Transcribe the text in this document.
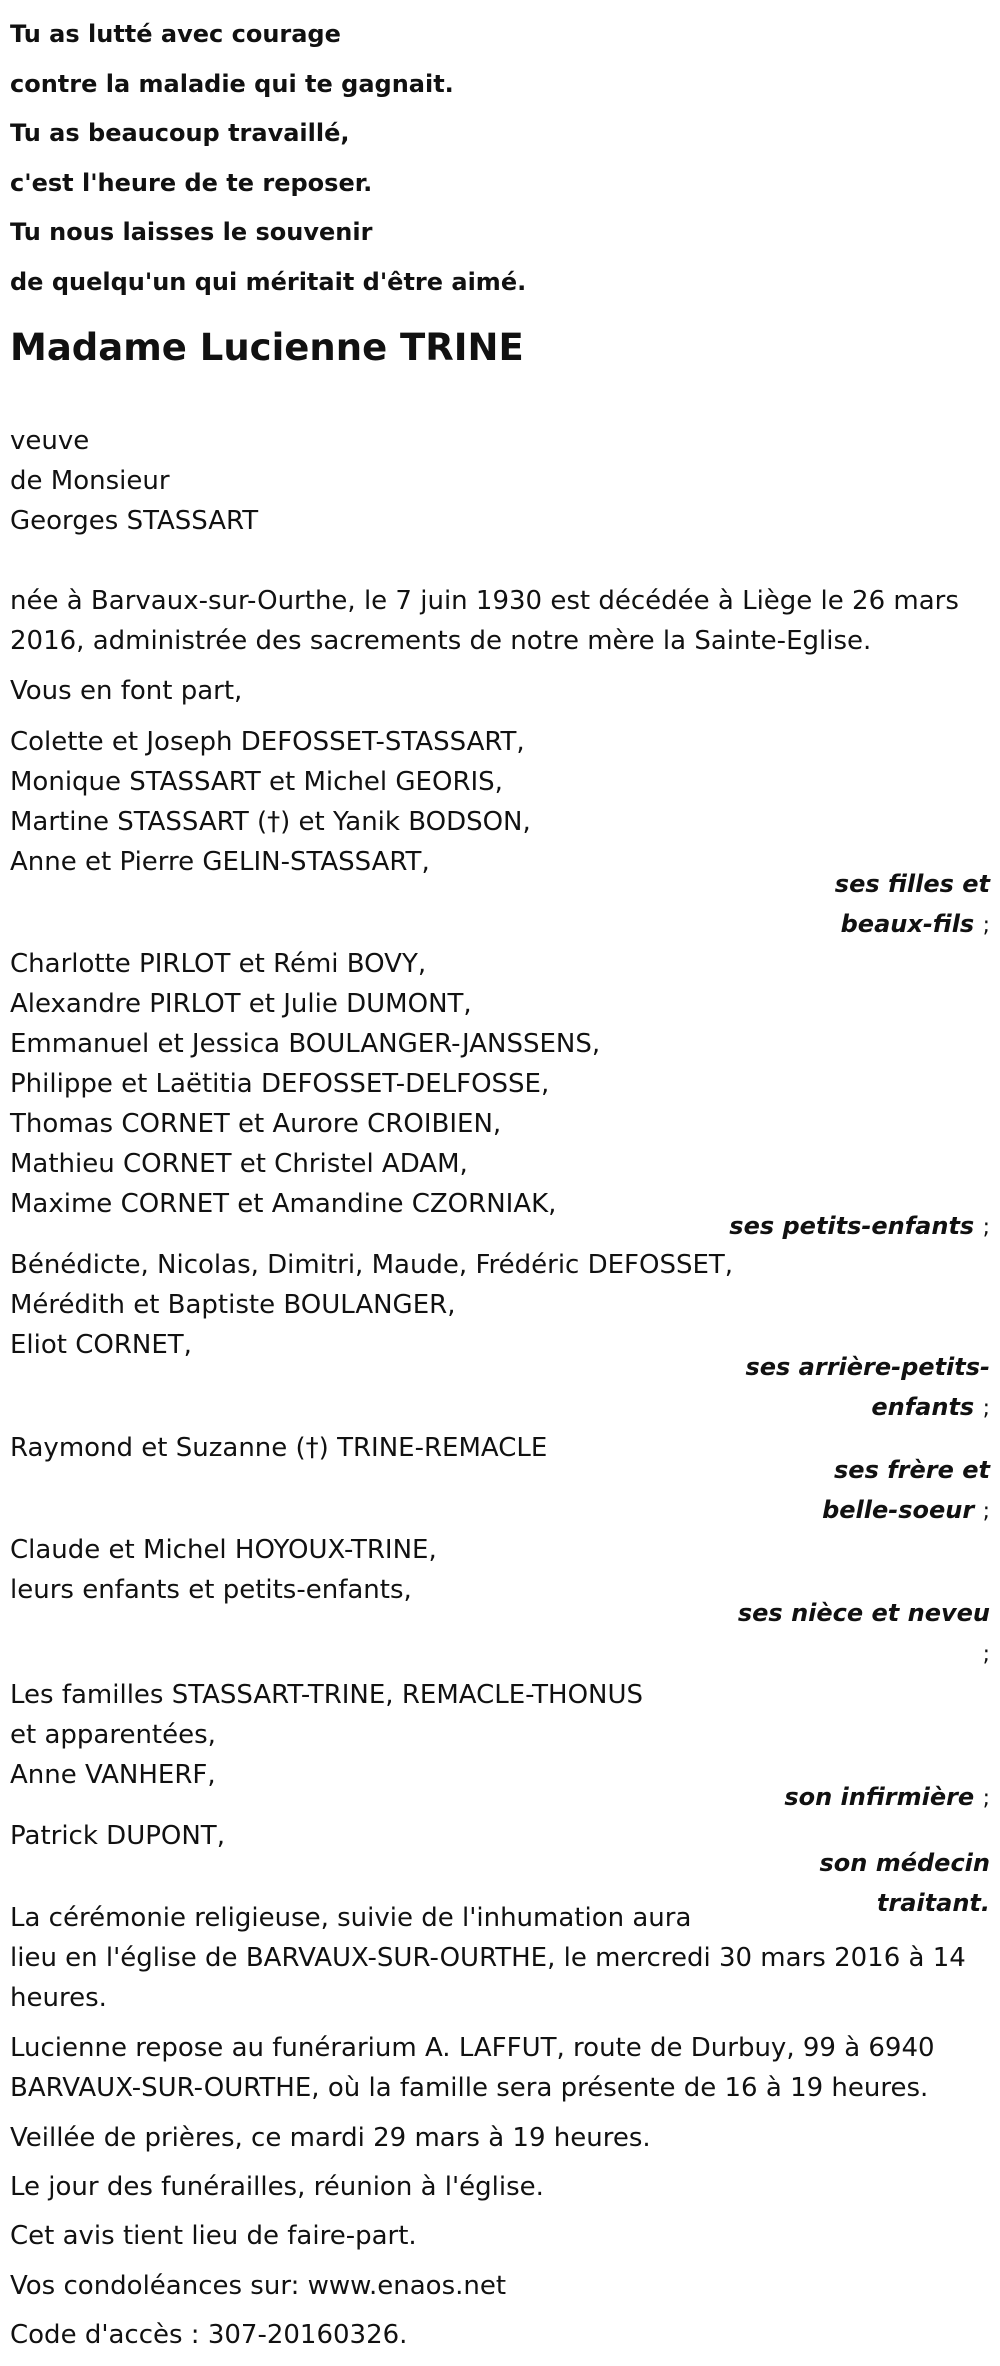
Tu as lutté avec courage
contre la maladie qui te gagnait.
Tu as beaucoup travaillé,
c'est l'heure de te reposer.
Tu nous laisses le souvenir
de quelqu'un qui méritait d'être aimé.
Madame Lucienne TRINE
veuve
de Monsieur
Georges STASSART
née à Barvaux-sur-Ourthe, le 7 juin 1930 est décédée à Liège le 26 mars
2016, administrée des sacrements de notre mère la Sainte-Eglise.
Vous en font part,
Colette et Joseph DEFOSSET-STASSART,
Monique STASSART et Michel GEORIS,
Martine STASSART (†) et Yanik BODSON,
Anne et Pierre GELIN-STASSART,
ses filles et
beaux-fils ;
Charlotte PIRLOT et Rémi BOVY,
Alexandre PIRLOT et Julie DUMONT,
Emmanuel et Jessica BOULANGER-JANSSENS,
Philippe et Laëtitia DEFOSSET-DELFOSSE,
Thomas CORNET et Aurore CROIBIEN,
Mathieu CORNET et Christel ADAM,
Maxime CORNET et Amandine CZORNIAK,
ses petits-enfants ;
Bénédicte, Nicolas, Dimitri, Maude, Frédéric DEFOSSET,
Mérédith et Baptiste BOULANGER,
Eliot CORNET,
ses arrière-petits-
enfants ;
Raymond et Suzanne (†) TRINE-REMACLE
ses frère et
belle-soeur ;
Claude et Michel HOYOUX-TRINE,
leurs enfants et petits-enfants,
ses nièce et neveu
;
Les familles STASSART-TRINE, REMACLE-THONUS
et apparentées,
Anne VANHERF,
son infirmière ;
Patrick DUPONT,
son médecin
traitant.
La cérémonie religieuse, suivie de l'inhumation aura
lieu en l'église de BARVAUX-SUR-OURTHE, le mercredi 30 mars 2016 à 14
heures.
Lucienne repose au funérarium A. LAFFUT, route de Durbuy, 99 à 6940
BARVAUX-SUR-OURTHE, où la famille sera présente de 16 à 19 heures.
Veillée de prières, ce mardi 29 mars à 19 heures.
Le jour des funérailles, réunion à l'église.
Cet avis tient lieu de faire-part.
Vos condoléances sur: www.enaos.net
Code d'accès : 307-20160326.
